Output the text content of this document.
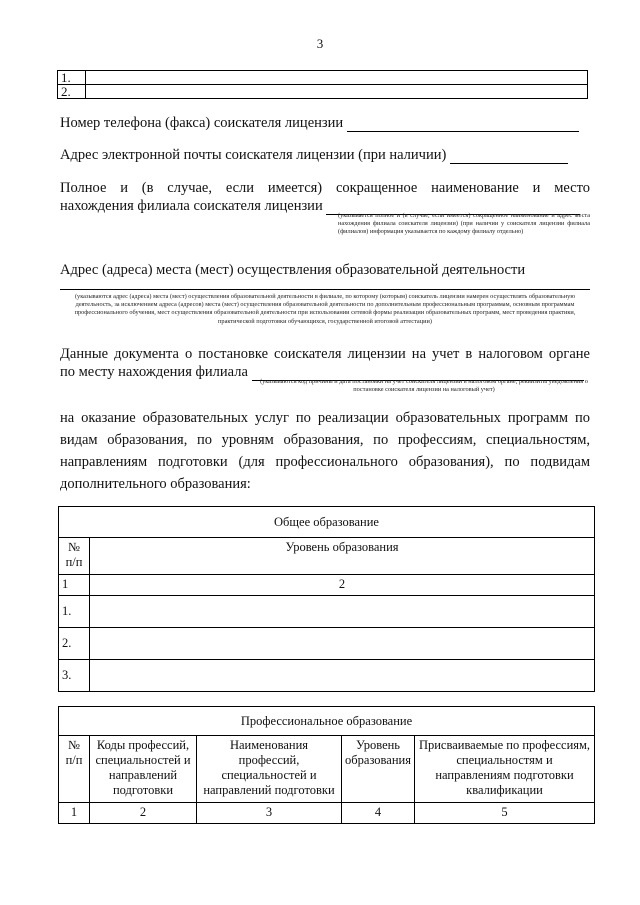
3
1.	
2.	
Номер телефона (факса) соискателя лицензии
Адрес электронной почты соискателя лицензии (при наличии)
Полное и (в случае, если имеется) сокращенное наименование и место
нахождения филиала соискателя лицензии
(указывается полное и (в случае, если имеется) сокращенное наименование и адрес места нахождения филиала соискателя лицензии) (при наличии у соискателя лицензии филиала (филиалов) информация указывается по каждому филиалу отдельно)
Адрес (адреса) места (мест) осуществления образовательной деятельности
(указываются адрес (адреса) места (мест) осуществления образовательной деятельности в филиале, по которому (которым) соискатель лицензии намерен осуществлять образовательную деятельность, за исключением адреса (адресов) места (мест) осуществления образовательной деятельности по дополнительным профессиональным программам, основным программам профессионального обучения, мест осуществления образовательной деятельности при использовании сетевой формы реализации образовательных программ, мест проведения практики, практической подготовки обучающихся, государственной итоговой аттестации)
Данные документа о постановке соискателя лицензии на учет в налоговом органе
по месту нахождения филиала
(указываются код причины и дата постановки на учет соискателя лицензии в налоговом органе, реквизиты уведомления о постановке соискателя лицензии на налоговый учет)
на оказание образовательных услуг по реализации образовательных программ по видам образования, по уровням образования, по профессиям, специальностям, направлениям подготовки (для профессионального образования), по подвидам дополнительного образования:
Общее образование	
№ п/п	Уровень образования
1	2
1.	
2.	
3.	
Профессиональное образование				
№ п/п	Коды профессий, специальностей и направлений подготовки	Наименования профессий, специальностей и направлений подготовки	Уровень образования	Присваиваемые по профессиям, специальностям и направлениям подготовки квалификации
1	2	3	4	5
